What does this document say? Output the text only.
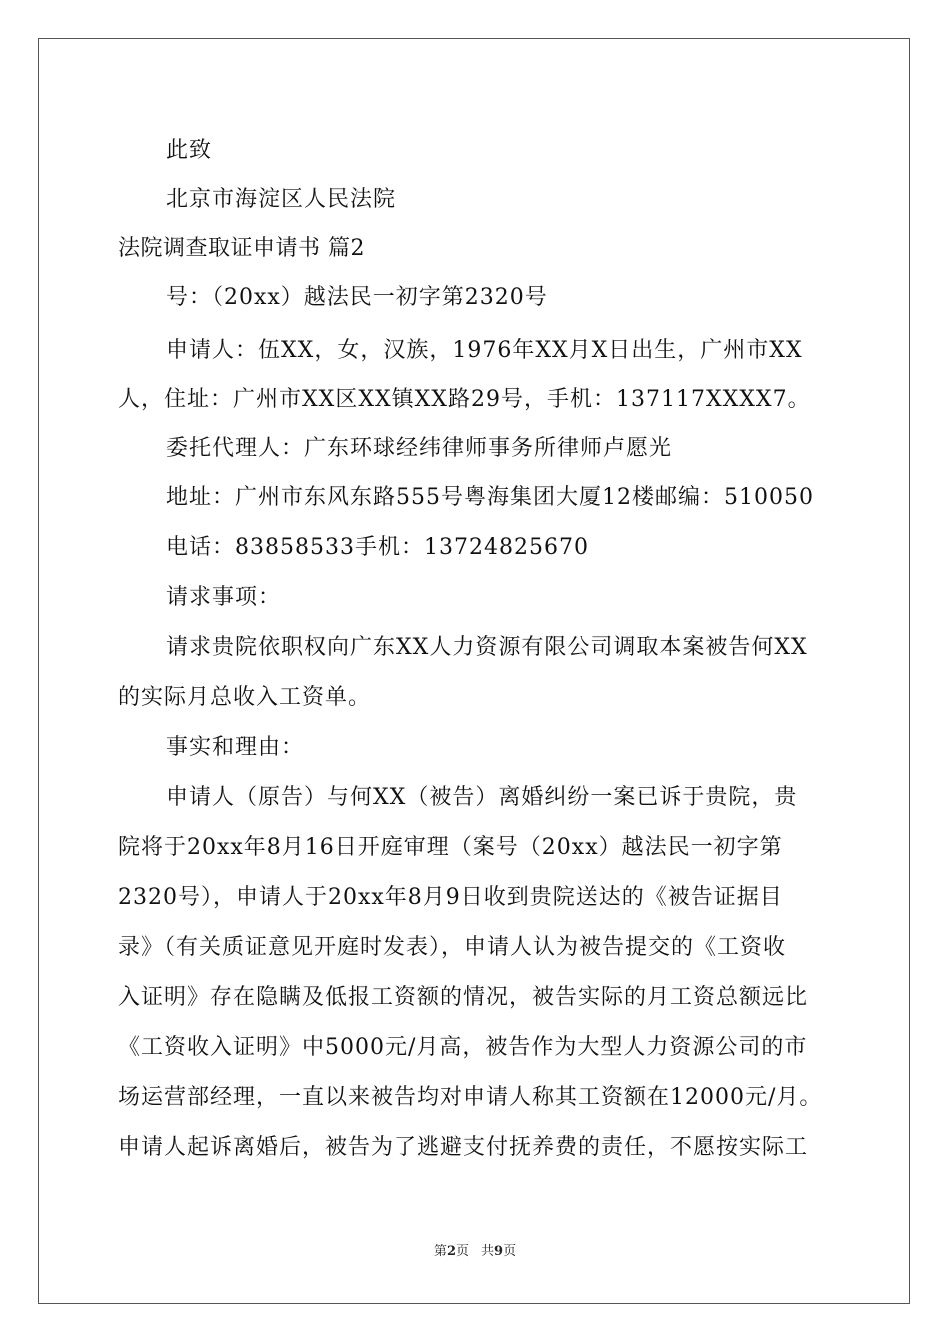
此致
北京市海淀区人民法院
法院调查取证申请书 篇2
号：（20xx）越法民一初字第2320号
申请人：伍XX，女，汉族，1976年XX月X日出生，广州市XX
人，住址：广州市XX区XX镇XX路29号，手机：137117XXXX7。
委托代理人：广东环球经纬律师事务所律师卢愿光
地址：广州市东风东路555号粤海集团大厦12楼邮编：510050
电话：83858533手机：13724825670
请求事项：
请求贵院依职权向广东XX人力资源有限公司调取本案被告何XX
的实际月总收入工资单。
事实和理由：
申请人（原告）与何XX（被告）离婚纠纷一案已诉于贵院，贵
院将于20xx年8月16日开庭审理（案号（20xx）越法民一初字第
2320号），申请人于20xx年8月9日收到贵院送达的《被告证据目
录》（有关质证意见开庭时发表），申请人认为被告提交的《工资收
入证明》存在隐瞒及低报工资额的情况，被告实际的月工资总额远比
《工资收入证明》中5000元/月高，被告作为大型人力资源公司的市
场运营部经理，一直以来被告均对申请人称其工资额在12000元/月。
申请人起诉离婚后，被告为了逃避支付抚养费的责任，不愿按实际工
第2页 共9页
